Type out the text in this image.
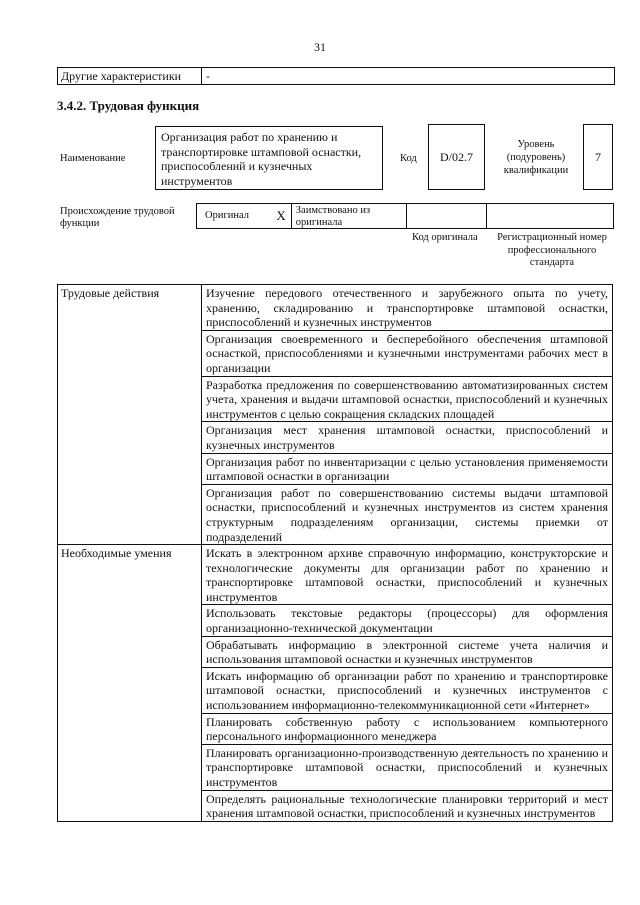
31
Другие характеристики	-
3.4.2. Трудовая функция
Наименование
Организация работ по хранению и транспортировке штамповой оснастки, приспособлений и кузнечных инструментов
Код	D/02.7
Уровень (подуровень) квалификации
7
Происхождение трудовой функции
Оригинал X Заимствовано из оригинала
Код оригинала	Регистрационный номер профессионального стандарта
Трудовые действия	Изучение передового отечественного и зарубежного опыта по учету, хранению, складированию и транспортировке штамповой оснастки, приспособлений и кузнечных инструментов
	Организация своевременного и бесперебойного обеспечения штамповой оснасткой, приспособлениями и кузнечными инструментами рабочих мест в организации
	Разработка предложения по совершенствованию автоматизированных систем учета, хранения и выдачи штамповой оснастки, приспособлений и кузнечных инструментов с целью сокращения складских площадей
	Организация мест хранения штамповой оснастки, приспособлений и кузнечных инструментов
	Организация работ по инвентаризации с целью установления применяемости штамповой оснастки в организации
	Организация работ по совершенствованию системы выдачи штамповой оснастки, приспособлений и кузнечных инструментов из систем хранения структурным подразделениям организации, системы приемки от подразделений
Необходимые умения	Искать в электронном архиве справочную информацию, конструкторские и технологические документы для организации работ по хранению и транспортировке штамповой оснастки, приспособлений и кузнечных инструментов
	Использовать текстовые редакторы (процессоры) для оформления организационно-технической документации
	Обрабатывать информацию в электронной системе учета наличия и использования штамповой оснастки и кузнечных инструментов
	Искать информацию об организации работ по хранению и транспортировке штамповой оснастки, приспособлений и кузнечных инструментов с использованием информационно-телекоммуникационной сети «Интернет»
	Планировать собственную работу с использованием компьютерного персонального информационного менеджера
	Планировать организационно-производственную деятельность по хранению и транспортировке штамповой оснастки, приспособлений и кузнечных инструментов
	Определять рациональные технологические планировки территорий и мест хранения штамповой оснастки, приспособлений и кузнечных инструментов
